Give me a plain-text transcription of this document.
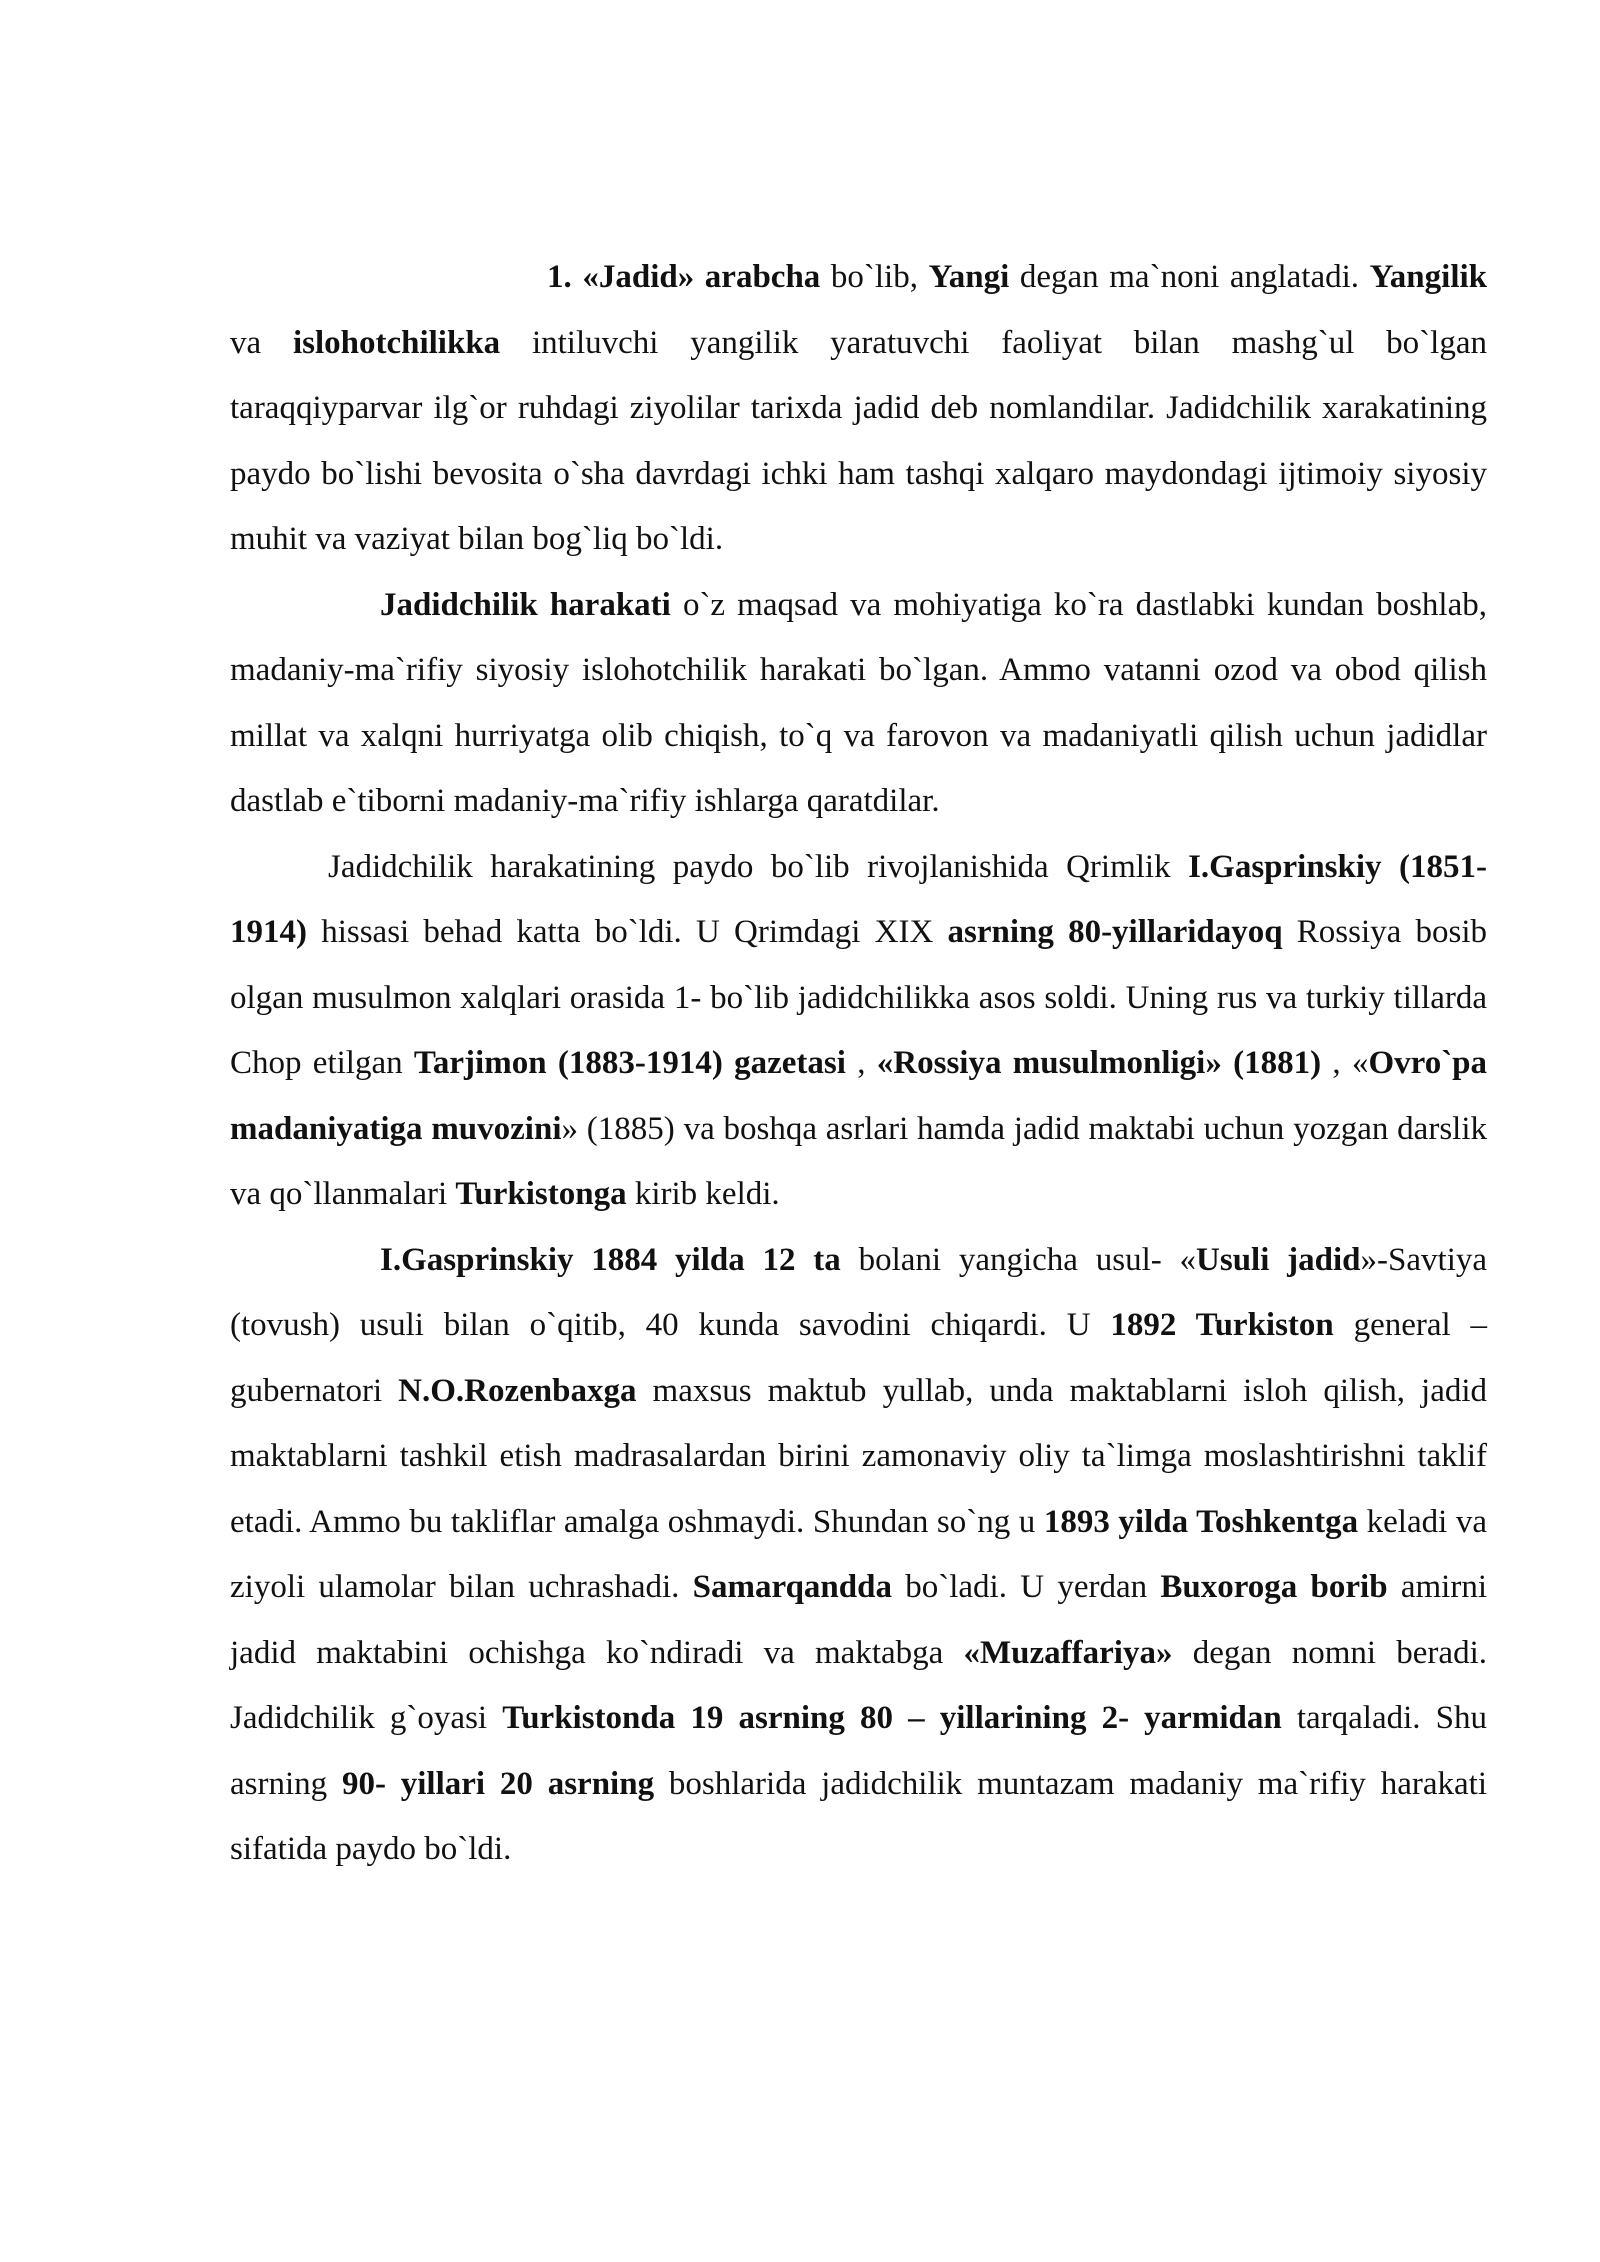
1. «Jadid» arabcha bo`lib, Yangi degan ma`noni anglatadi. Yangilik va islohotchilikka intiluvchi yangilik yaratuvchi faoliyat bilan mashg`ul bo`lgan taraqqiyparvar ilg`or ruhdagi ziyolilar tarixda jadid deb nomlandilar. Jadidchilik xarakatining paydo bo`lishi bevosita o`sha davrdagi ichki ham tashqi xalqaro maydondagi ijtimoiy siyosiy muhit va vaziyat bilan bog`liq bo`ldi.

Jadidchilik harakati o`z maqsad va mohiyatiga ko`ra dastlabki kundan boshlab, madaniy-ma`rifiy siyosiy islohotchilik harakati bo`lgan. Ammo vatanni ozod va obod qilish millat va xalqni hurriyatga olib chiqish, to`q va farovon va madaniyatli qilish uchun jadidlar dastlab e`tiborni madaniy-ma`rifiy ishlarga qaratdilar.

Jadidchilik harakatining paydo bo`lib rivojlanishida Qrimlik I.Gasprinskiy (1851-1914) hissasi behad katta bo`ldi. U Qrimdagi XIX asrning 80-yillaridayoq Rossiya bosib olgan musulmon xalqlari orasida 1- bo`lib jadidchilikka asos soldi. Uning rus va turkiy tillarda Chop etilgan Tarjimon (1883-1914) gazetasi , «Rossiya musulmonligi» (1881) , «Ovro`pa madaniyatiga muvozini» (1885) va boshqa asrlari hamda jadid maktabi uchun yozgan darslik va qo`llanmalari Turkistonga kirib keldi.

I.Gasprinskiy 1884 yilda 12 ta bolani yangicha usul- «Usuli jadid»-Savtiya (tovush) usuli bilan o`qitib, 40 kunda savodini chiqardi. U 1892 Turkiston general –gubernatori N.O.Rozenbaxga maxsus maktub yullab, unda maktablarni isloh qilish, jadid maktablarni tashkil etish madrasalardan birini zamonaviy oliy ta`limga moslashtirishni taklif etadi. Ammo bu takliflar amalga oshmaydi. Shundan so`ng u 1893 yilda Toshkentga keladi va ziyoli ulamolar bilan uchrashadi. Samarqandda bo`ladi. U yerdan Buxoroga borib amirni jadid maktabini ochishga ko`ndiradi va maktabga «Muzaffariya» degan nomni beradi. Jadidchilik g`oyasi Turkistonda 19 asrning 80 – yillarining 2- yarmidan tarqaladi. Shu asrning 90- yillari 20 asrning boshlarida jadidchilik muntazam madaniy ma`rifiy harakati sifatida paydo bo`ldi.
